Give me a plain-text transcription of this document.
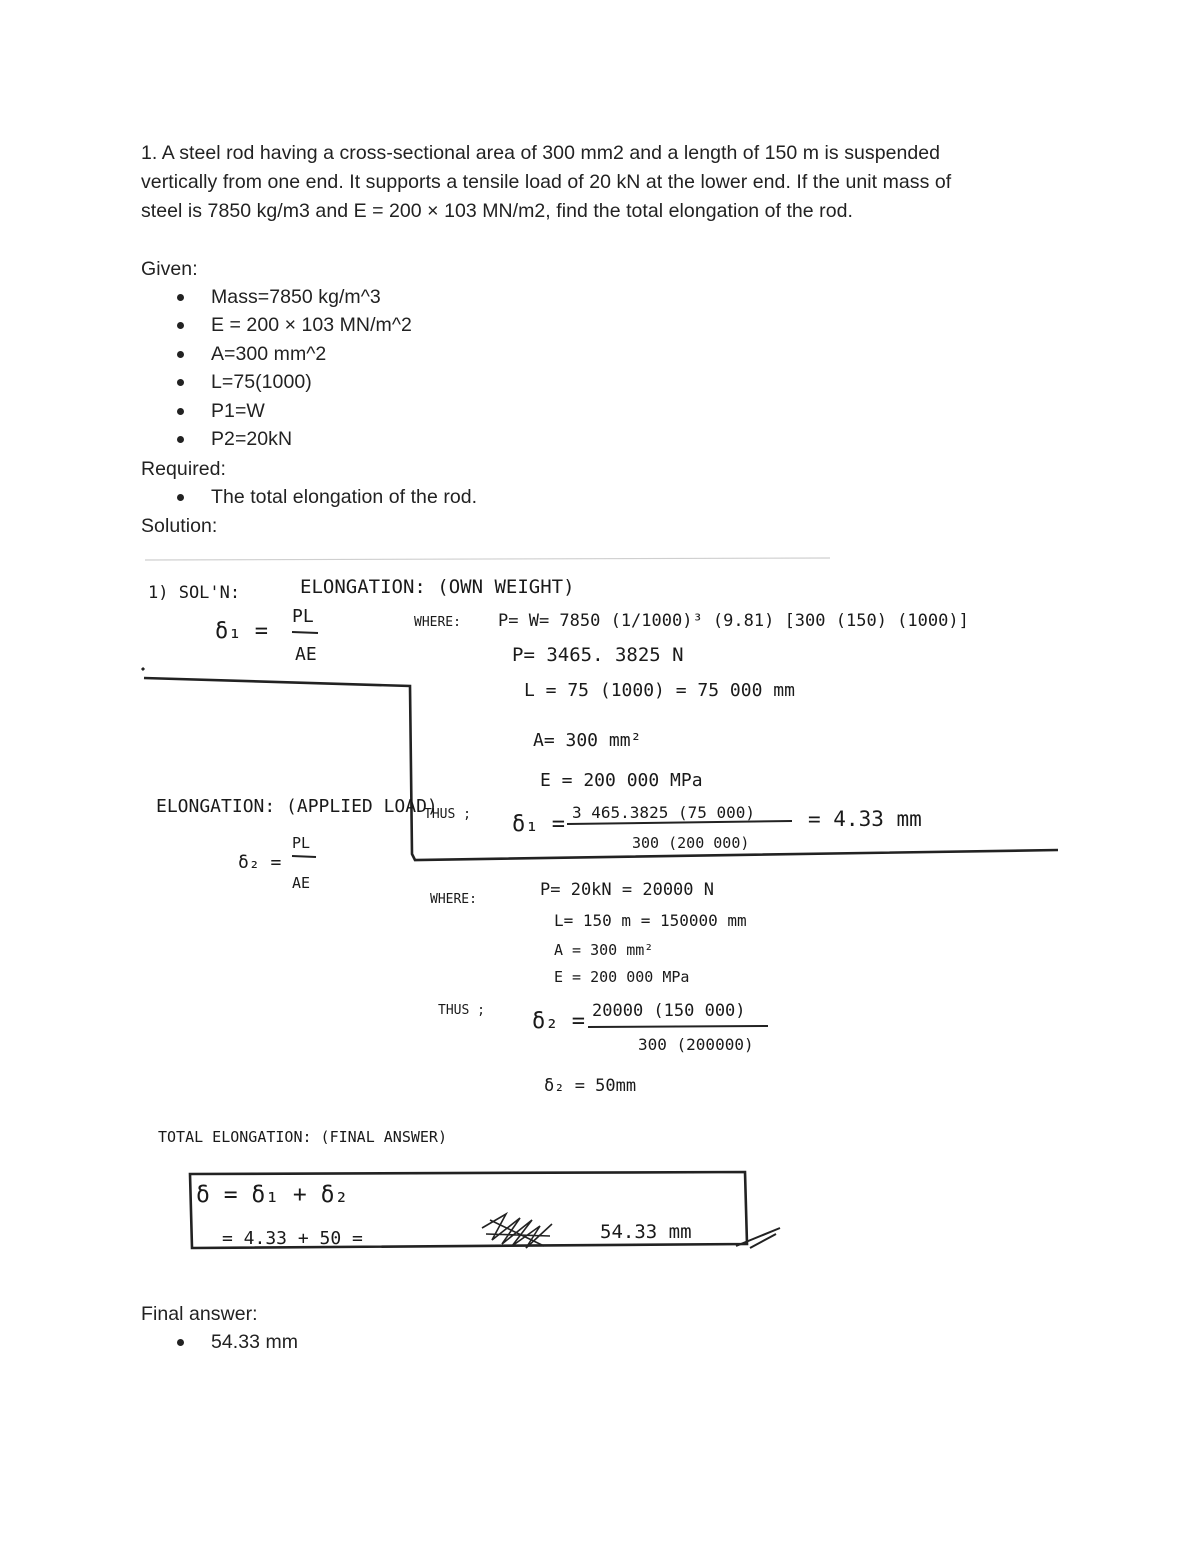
1. A steel rod having a cross-sectional area of 300 mm2 and a length of 150 m is suspended

vertically from one end. It supports a tensile load of 20 kN at the lower end. If the unit mass of

steel is 7850 kg/m3 and E = 200 × 103 MN/m2, find the total elongation of the rod.

Given:
Mass=7850 kg/m^3
E = 200 × 103 MN/m^2
A=300 mm^2
L=75(1000)
P1=W
P2=20kN
Required:
The total elongation of the rod.
Solution:
1) SOL'N:	ELONGATION: (OWN WEIGHT)
δ₁ =
PL
AE
WHERE: P= W= 7850 (1/1000)³ (9.81) [300 (150) (1000)]
P= 3465. 3825 N
L = 75 (1000) = 75 000 mm
A= 300 mm²
E = 200 000 MPa
ELONGATION: (APPLIED LOAD)
THUS ; δ₁ = 3 465.3825 (75 000)
300 (200 000)
= 4.33 mm
δ₂ =
PL
AE
WHERE:	P= 20kN = 20000 N
L= 150 m = 150000 mm
A = 300 mm²
E = 200 000 MPa
THUS ; δ₂ = 20000 (150 000)
300 (200000)
δ₂ = 50mm
TOTAL ELONGATION: (FINAL ANSWER)
δ = δ₁ + δ₂
= 4.33 + 50 =	54.33 mm
Final answer:
54.33 mm
